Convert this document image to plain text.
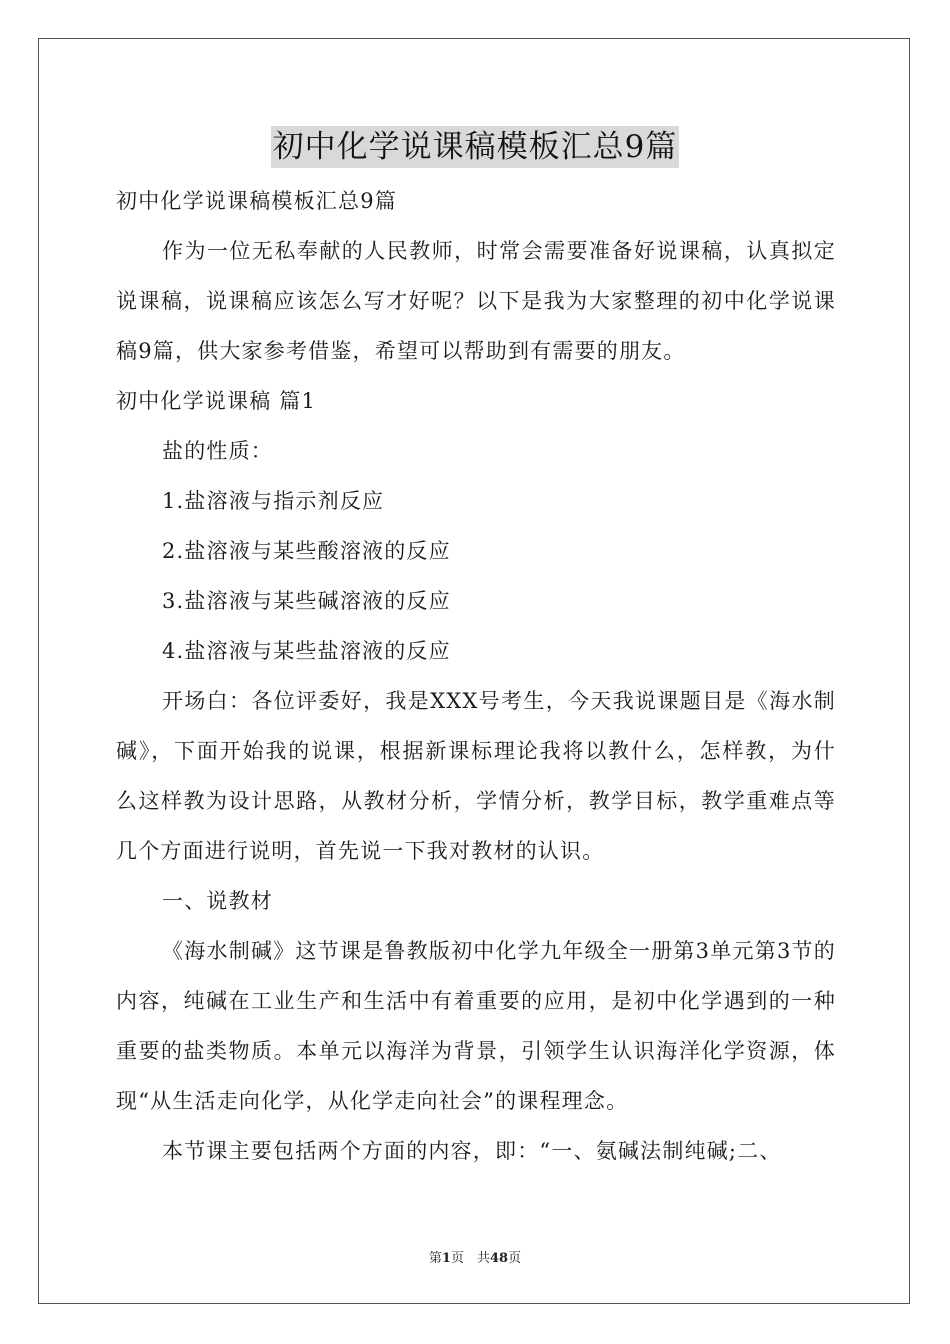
初中化学说课稿模板汇总9篇

初中化学说课稿模板汇总9篇

作为一位无私奉献的人民教师，时常会需要准备好说课稿，认真拟定说课稿，说课稿应该怎么写才好呢？以下是我为大家整理的初中化学说课稿9篇，供大家参考借鉴，希望可以帮助到有需要的朋友。

初中化学说课稿 篇1

盐的性质：

1.盐溶液与指示剂反应

2.盐溶液与某些酸溶液的反应

3.盐溶液与某些碱溶液的反应

4.盐溶液与某些盐溶液的反应

开场白：各位评委好，我是XXX号考生，今天我说课题目是《海水制碱》，下面开始我的说课，根据新课标理论我将以教什么，怎样教，为什么这样教为设计思路，从教材分析，学情分析，教学目标，教学重难点等几个方面进行说明，首先说一下我对教材的认识。

一、说教材

《海水制碱》这节课是鲁教版初中化学九年级全一册第3单元第3节的内容，纯碱在工业生产和生活中有着重要的应用，是初中化学遇到的一种重要的盐类物质。本单元以海洋为背景，引领学生认识海洋化学资源，体现“从生活走向化学，从化学走向社会”的课程理念。

本节课主要包括两个方面的内容，即：“一、氨碱法制纯碱;二、

第1页　共48页
